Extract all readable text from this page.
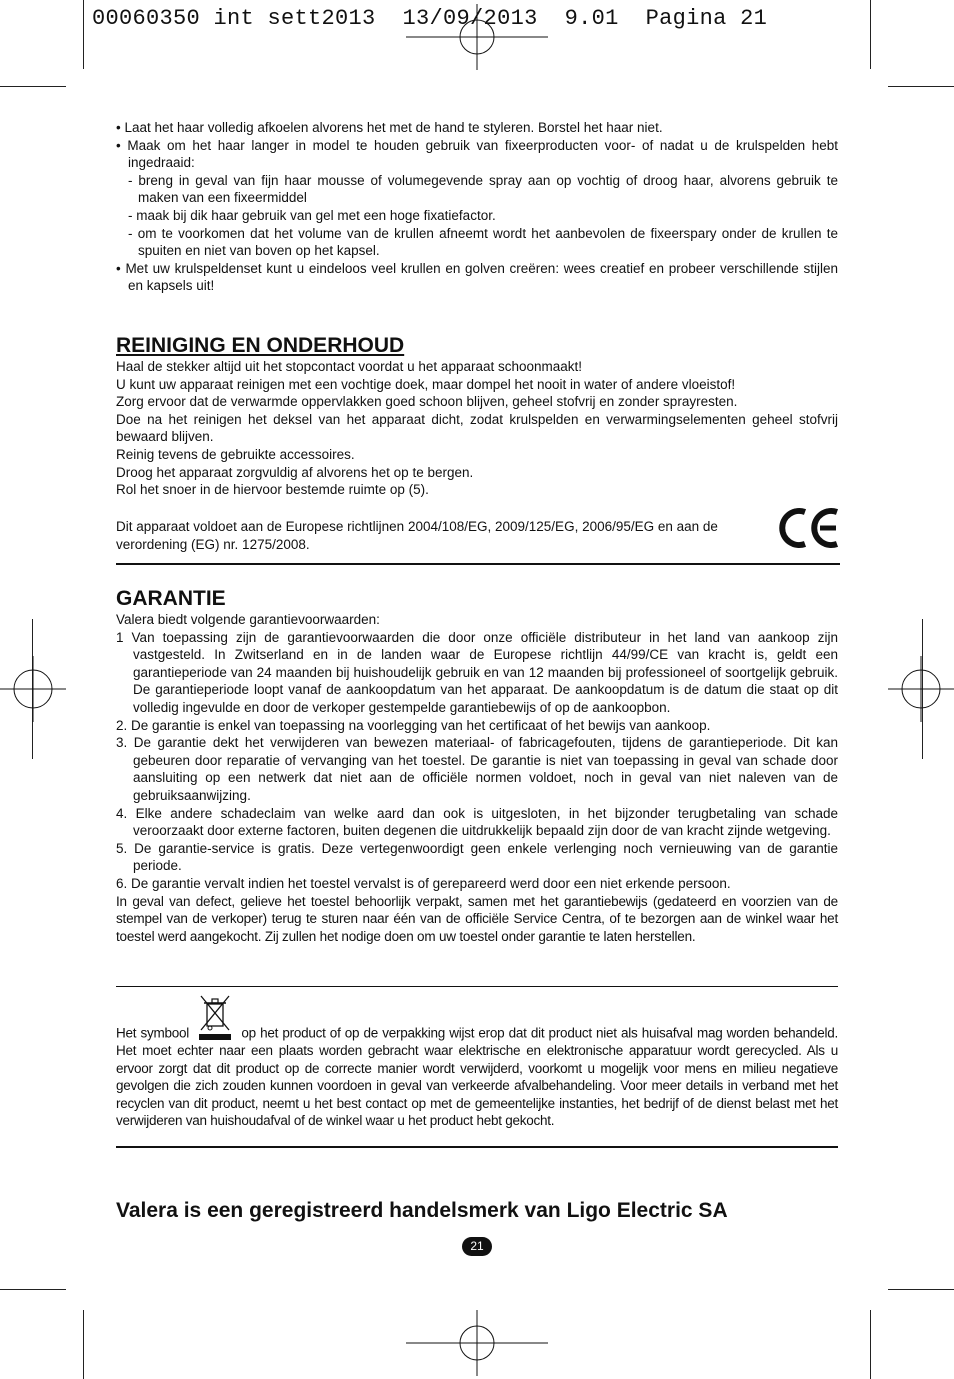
00060350 int sett2013  13/09/2013  9.01  Pagina 21

• Laat het haar volledig afkoelen alvorens het met de hand te styleren. Borstel het haar niet.

• Maak om het haar langer in model te houden gebruik van fixeerproducten voor- of nadat u de krulspelden hebt ingedraaid:

- breng in geval van fijn haar mousse of volumegevende spray aan op vochtig of droog haar, alvorens gebruik te maken van een fixeermiddel

- maak bij dik haar gebruik van gel met een hoge fixatiefactor.

- om te voorkomen dat het volume van de krullen afneemt wordt het aanbevolen de fixeerspary onder de krullen te spuiten en niet van boven op het kapsel.

• Met uw krulspeldenset kunt u eindeloos veel krullen en golven creëren: wees creatief en probeer verschillende stijlen en kapsels uit!

REINIGING EN ONDERHOUD

Haal de stekker altijd uit het stopcontact voordat u het apparaat schoonmaakt!

U kunt uw apparaat reinigen met een vochtige doek, maar dompel het nooit in water of andere vloeistof!

Zorg ervoor dat de verwarmde oppervlakken goed schoon blijven, geheel stofvrij en zonder sprayresten.

Doe na het reinigen het deksel van het apparaat dicht, zodat krulspelden en verwarmingselementen geheel stofvrij bewaard blijven.

Reinig tevens de gebruikte accessoires.

Droog het apparaat zorgvuldig af alvorens het op te bergen.

Rol het snoer in de hiervoor bestemde ruimte op (5).

Dit apparaat voldoet aan de Europese richtlijnen 2004/108/EG, 2009/125/EG, 2006/95/EG en aan de verordening (EG) nr. 1275/2008.

GARANTIE

Valera biedt volgende garantievoorwaarden:

1 Van toepassing zijn de garantievoorwaarden die door onze officiële distributeur in het land van aankoop zijn vastgesteld. In Zwitserland en in de landen waar de Europese richtlijn 44/99/CE van kracht is, geldt een garantieperiode van 24 maanden bij huishoudelijk gebruik en van 12 maanden bij professioneel of soortgelijk gebruik. De garantieperiode loopt vanaf de aankoopdatum van het apparaat. De aankoopdatum is de datum die staat op dit volledig ingevulde en door de verkoper gestempelde garantiebewijs of op de aankoopbon.

2. De garantie is enkel van toepassing na voorlegging van het certificaat of het bewijs van aankoop.

3. De garantie dekt het verwijderen van bewezen materiaal- of fabricagefouten, tijdens de garantieperiode. Dit kan gebeuren door reparatie of vervanging van het toestel. De garantie is niet van toepassing in geval van schade door aansluiting op een netwerk dat niet aan de officiële normen voldoet, noch in geval van niet naleven van de gebruiksaanwijzing.

4. Elke andere schadeclaim van welke aard dan ook is uitgesloten, in het bijzonder terugbetaling van schade veroorzaakt door externe factoren, buiten degenen die uitdrukkelijk bepaald zijn door de van kracht zijnde wetgeving.

5. De garantie-service is gratis. Deze vertegenwoordigt geen enkele verlenging noch vernieuwing van de garantie periode.

6. De garantie vervalt indien het toestel vervalst is of gerepareerd werd door een niet erkende persoon.

In geval van defect, gelieve het toestel behoorlijk verpakt, samen met het garantiebewijs (gedateerd en voorzien van de stempel van de verkoper) terug te sturen naar één van de officiële Service Centra, of te bezorgen aan de winkel waar het toestel werd aangekocht. Zij zullen het nodige doen om uw toestel onder garantie te laten herstellen.

Het symbool	op het product of op de verpakking wijst erop dat dit product niet als huisafval mag worden behandeld. Het moet echter naar een plaats worden gebracht waar elektrische en elektronische apparatuur wordt gerecycled. Als u ervoor zorgt dat dit product op de correcte manier wordt verwijderd, voorkomt u mogelijk voor mens en milieu negatieve gevolgen die zich zouden kunnen voordoen in geval van verkeerde afvalbehandeling. Voor meer details in verband met het recyclen van dit product, neemt u het best contact op met de gemeentelijke instanties, het bedrijf of de dienst belast met het verwijderen van huishoudafval of de winkel waar u het product hebt gekocht.

Valera is een geregistreerd handelsmerk van Ligo Electric SA
21
